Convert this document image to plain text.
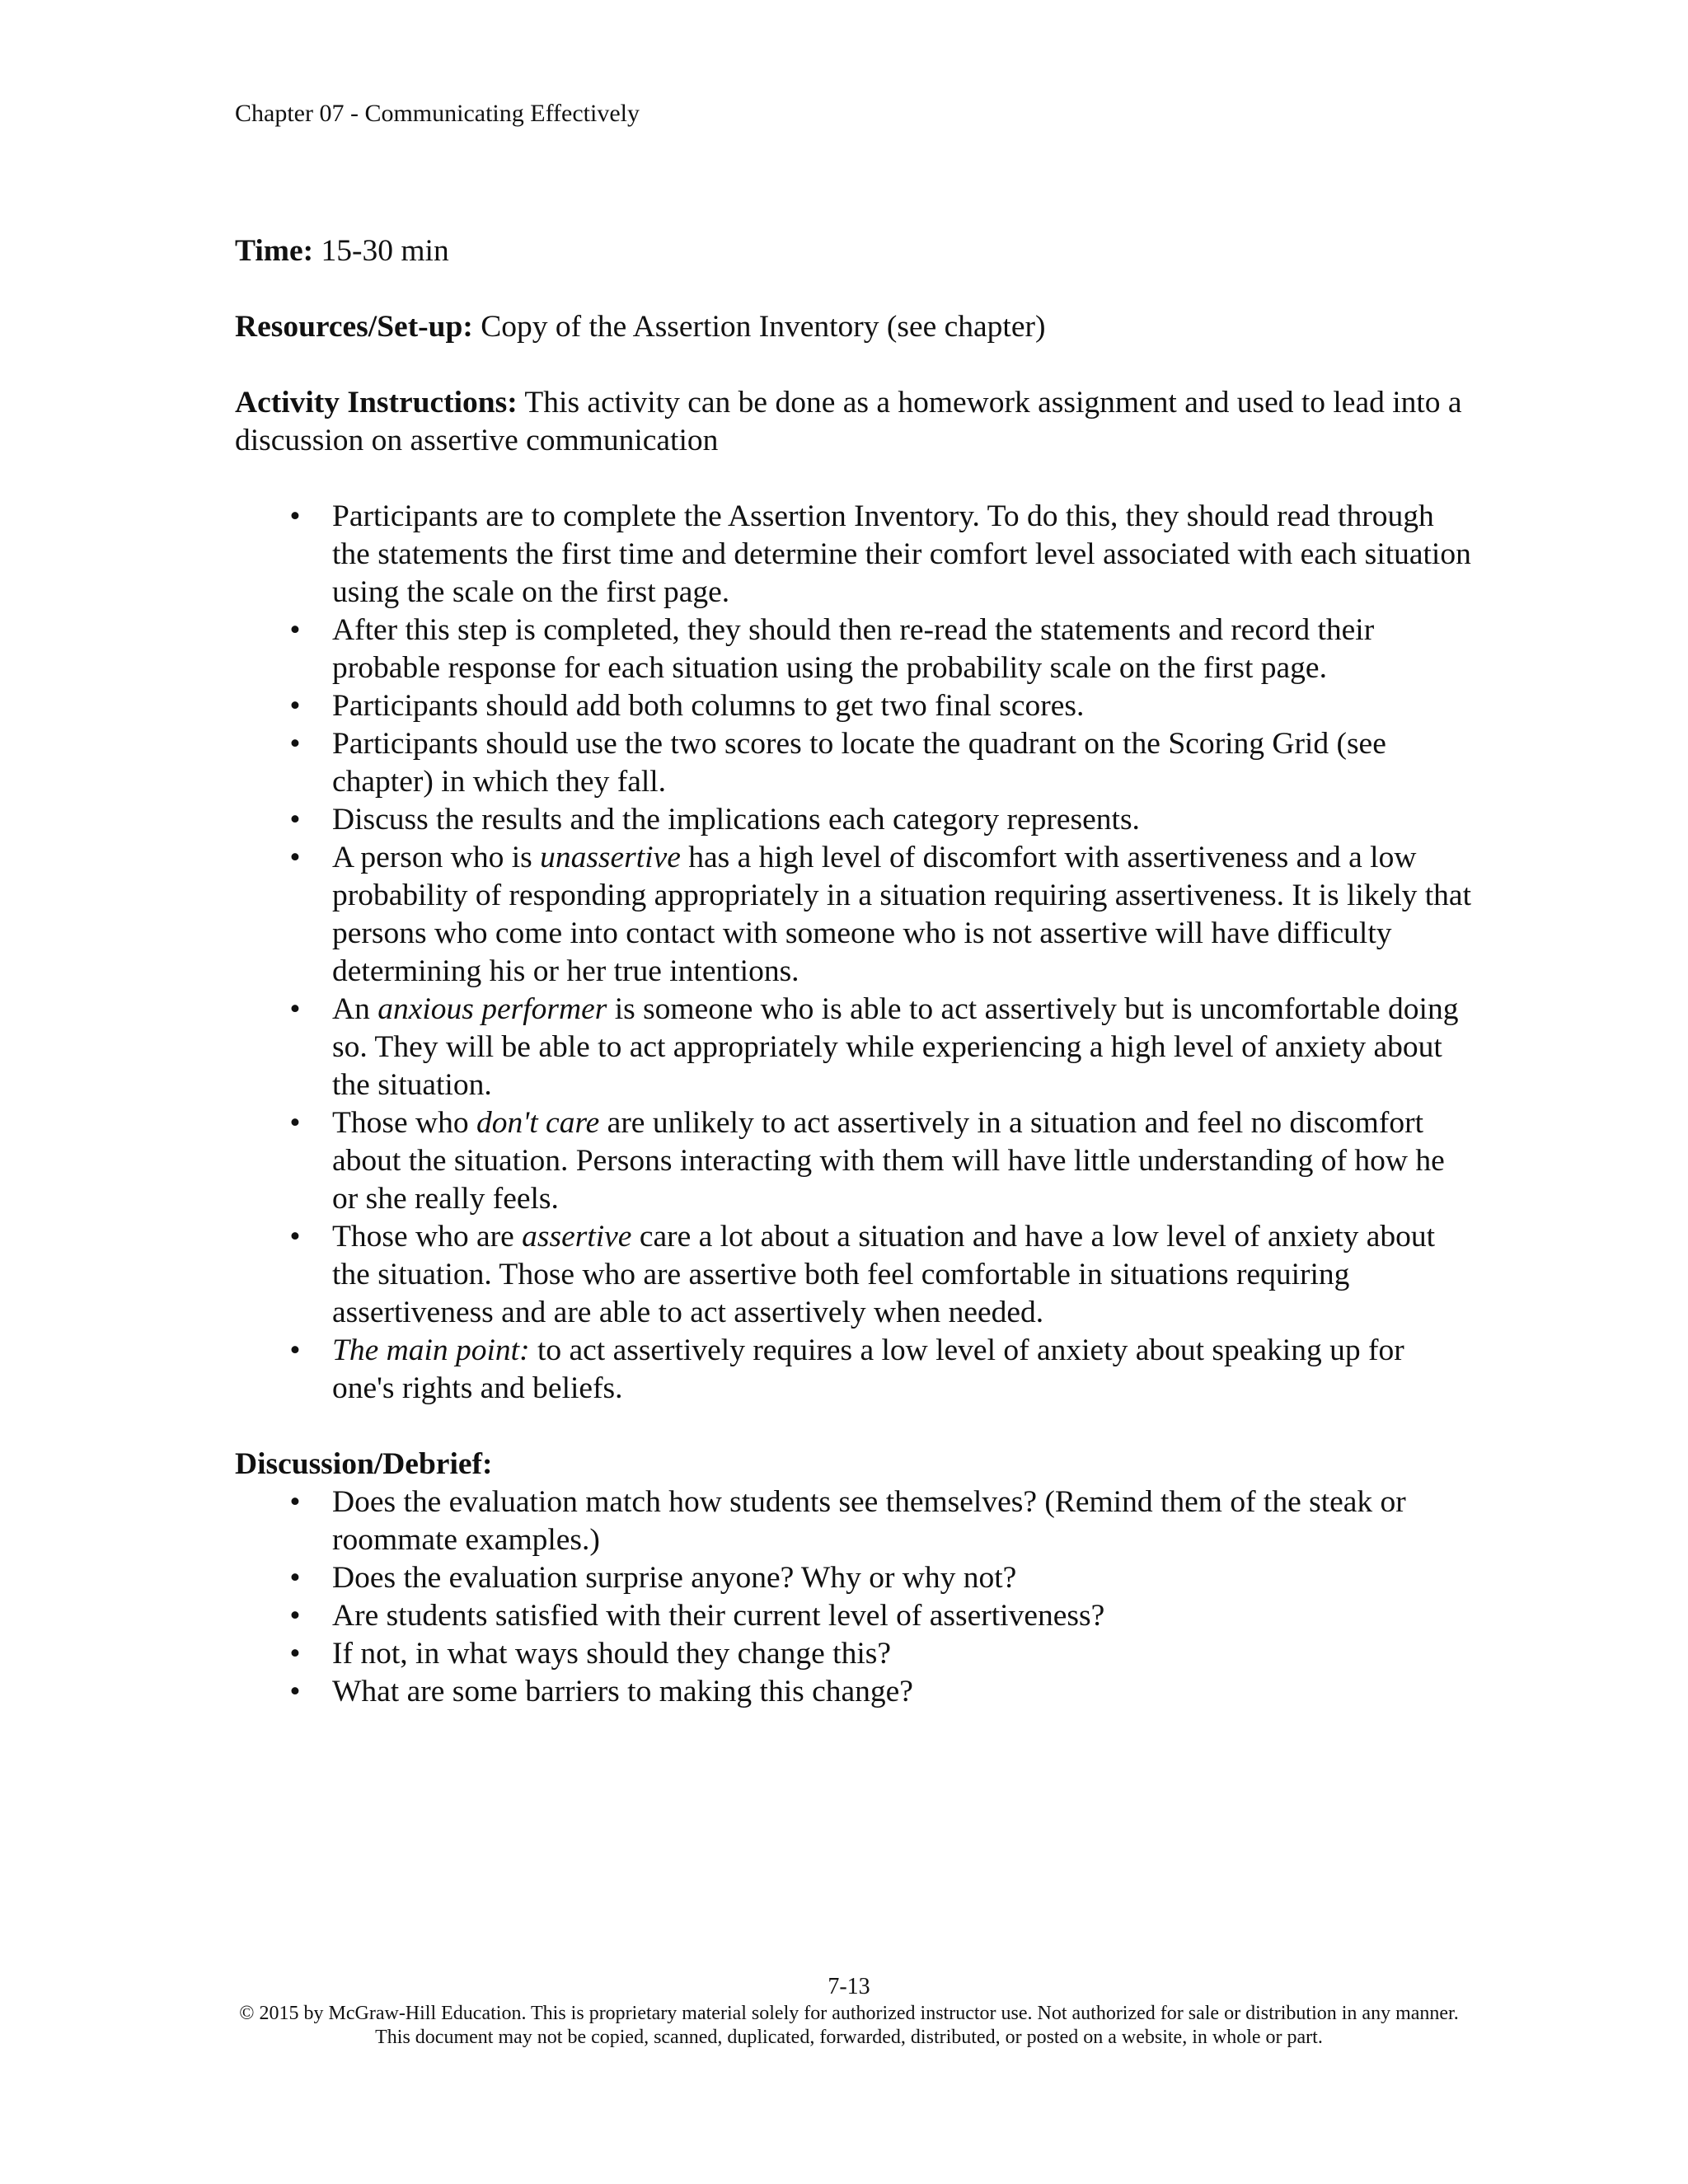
Chapter 07 - Communicating Effectively

Time: 15-30 min

Resources/Set-up: Copy of the Assertion Inventory (see chapter)

Activity Instructions: This activity can be done as a homework assignment and used to lead into a discussion on assertive communication

• Participants are to complete the Assertion Inventory. To do this, they should read through the statements the first time and determine their comfort level associated with each situation using the scale on the first page.
• After this step is completed, they should then re-read the statements and record their probable response for each situation using the probability scale on the first page.
• Participants should add both columns to get two final scores.
• Participants should use the two scores to locate the quadrant on the Scoring Grid (see chapter) in which they fall.
• Discuss the results and the implications each category represents.
• A person who is unassertive has a high level of discomfort with assertiveness and a low probability of responding appropriately in a situation requiring assertiveness. It is likely that persons who come into contact with someone who is not assertive will have difficulty determining his or her true intentions.
• An anxious performer is someone who is able to act assertively but is uncomfortable doing so. They will be able to act appropriately while experiencing a high level of anxiety about the situation.
• Those who don't care are unlikely to act assertively in a situation and feel no discomfort about the situation. Persons interacting with them will have little understanding of how he or she really feels.
• Those who are assertive care a lot about a situation and have a low level of anxiety about the situation. Those who are assertive both feel comfortable in situations requiring assertiveness and are able to act assertively when needed.
• The main point: to act assertively requires a low level of anxiety about speaking up for one's rights and beliefs.

Discussion/Debrief:

• Does the evaluation match how students see themselves? (Remind them of the steak or roommate examples.)
• Does the evaluation surprise anyone? Why or why not?
• Are students satisfied with their current level of assertiveness?
• If not, in what ways should they change this?
• What are some barriers to making this change?
7-13
© 2015 by McGraw-Hill Education. This is proprietary material solely for authorized instructor use. Not authorized for sale or distribution in any manner. This document may not be copied, scanned, duplicated, forwarded, distributed, or posted on a website, in whole or part.
